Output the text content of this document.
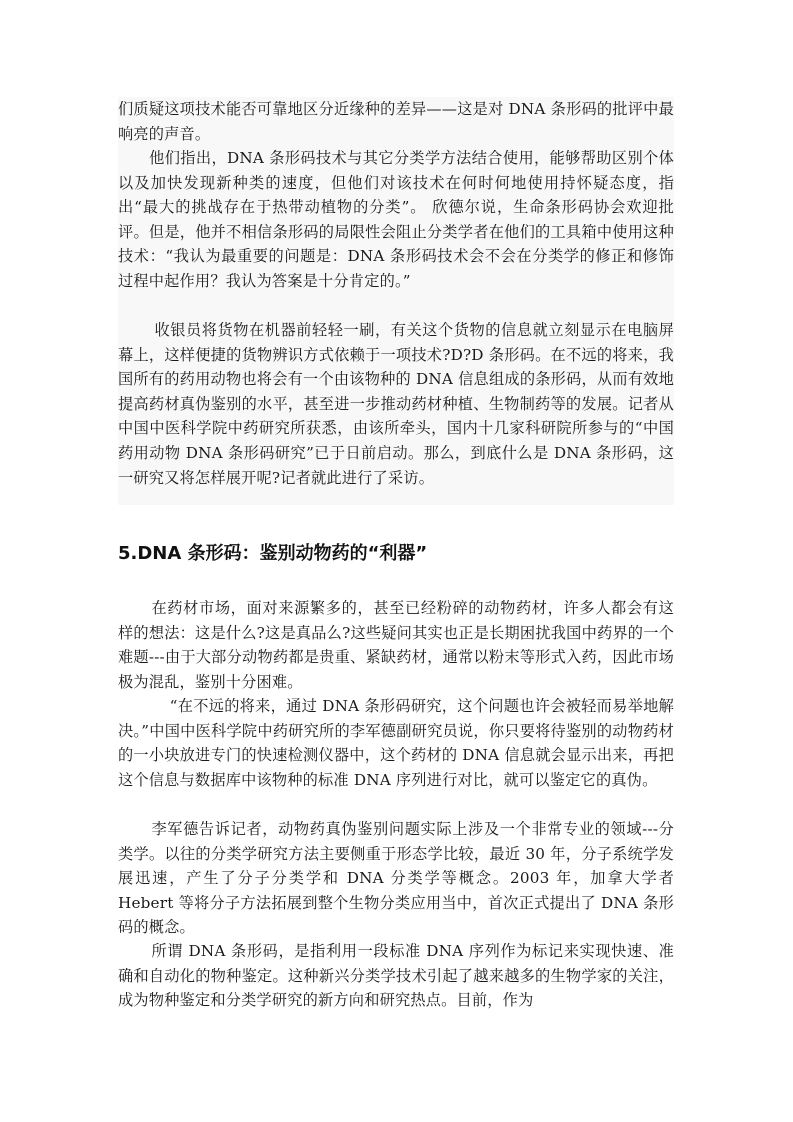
们质疑这项技术能否可靠地区分近缘种的差异——这是对 DNA 条形码的批评中最响亮的声音。

　　他们指出，DNA 条形码技术与其它分类学方法结合使用，能够帮助区别个体以及加快发现新种类的速度，但他们对该技术在何时何地使用持怀疑态度，指出“最大的挑战存在于热带动植物的分类”。 欣德尔说，生命条形码协会欢迎批评。但是，他并不相信条形码的局限性会阻止分类学者在他们的工具箱中使用这种技术：“我认为最重要的问题是：DNA 条形码技术会不会在分类学的修正和修饰过程中起作用？我认为答案是十分肯定的。”

收银员将货物在机器前轻轻一刷，有关这个货物的信息就立刻显示在电脑屏幕上，这样便捷的货物辨识方式依赖于一项技术?D?D 条形码。在不远的将来，我国所有的药用动物也将会有一个由该物种的 DNA 信息组成的条形码，从而有效地提高药材真伪鉴别的水平，甚至进一步推动药材种植、生物制药等的发展。记者从中国中医科学院中药研究所获悉，由该所牵头，国内十几家科研院所参与的“中国药用动物 DNA 条形码研究”已于日前启动。那么，到底什么是 DNA 条形码，这一研究又将怎样展开呢?记者就此进行了采访。

5.DNA 条形码：鉴别动物药的“利器”

在药材市场，面对来源繁多的，甚至已经粉碎的动物药材，许多人都会有这样的想法：这是什么?这是真品么?这些疑问其实也正是长期困扰我国中药界的一个难题---由于大部分动物药都是贵重、紧缺药材，通常以粉末等形式入药，因此市场极为混乱，鉴别十分困难。

“在不远的将来，通过 DNA 条形码研究，这个问题也许会被轻而易举地解决。”中国中医科学院中药研究所的李军德副研究员说，你只要将待鉴别的动物药材的一小块放进专门的快速检测仪器中，这个药材的 DNA 信息就会显示出来，再把这个信息与数据库中该物种的标准 DNA 序列进行对比，就可以鉴定它的真伪。

李军德告诉记者，动物药真伪鉴别问题实际上涉及一个非常专业的领域---分类学。以往的分类学研究方法主要侧重于形态学比较，最近 30 年，分子系统学发展迅速，产生了分子分类学和 DNA 分类学等概念。2003 年，加拿大学者 Hebert 等将分子方法拓展到整个生物分类应用当中，首次正式提出了 DNA 条形码的概念。

所谓 DNA 条形码，是指利用一段标准 DNA 序列作为标记来实现快速、准确和自动化的物种鉴定。这种新兴分类学技术引起了越来越多的生物学家的关注，成为物种鉴定和分类学研究的新方向和研究热点。目前，作为
